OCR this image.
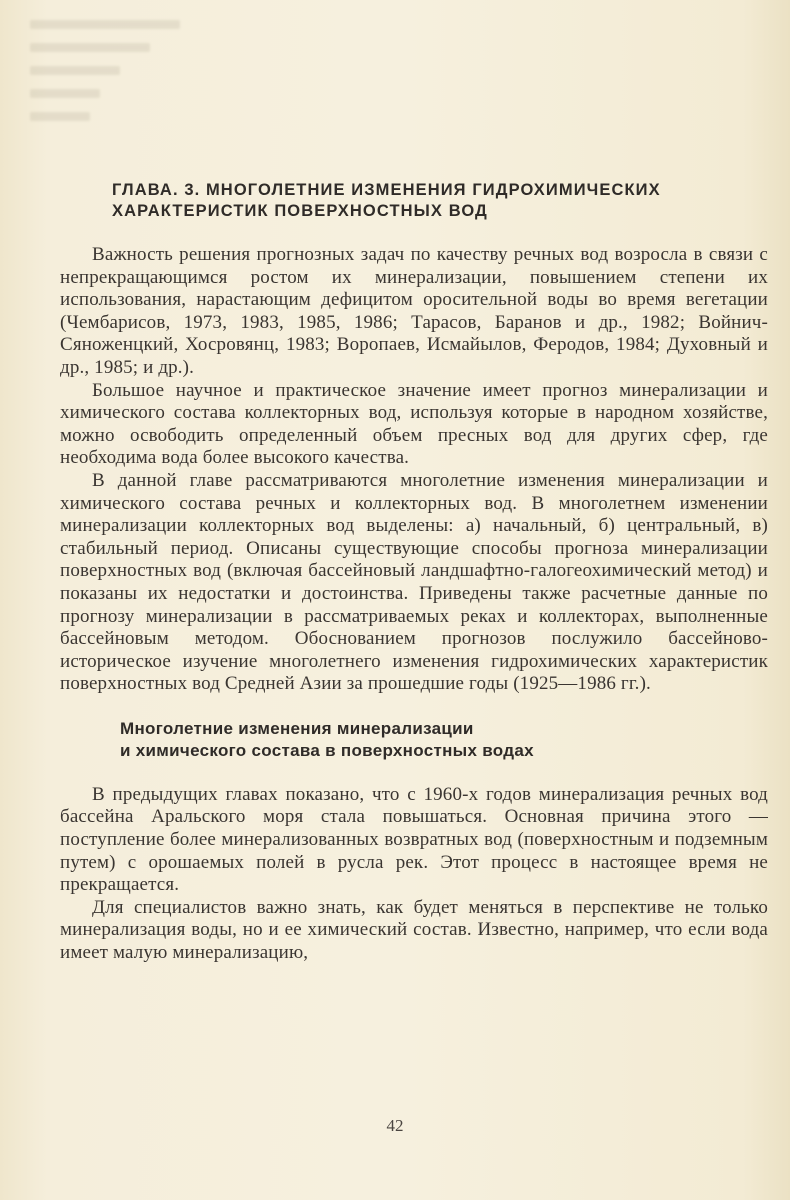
ГЛАВА. 3. МНОГОЛЕТНИЕ ИЗМЕНЕНИЯ ГИДРОХИМИЧЕСКИХ
ХАРАКТЕРИСТИК ПОВЕРХНОСТНЫХ ВОД

Важность решения прогнозных задач по качеству речных вод возросла в связи с непрекращающимся ростом их минерализации, повышением степени их использования, нарастающим дефицитом оросительной воды во время вегетации (Чембарисов, 1973, 1983, 1985, 1986; Тарасов, Баранов и др., 1982; Войнич-Сяноженцкий, Хосровянц, 1983; Воропаев, Исмайылов, Феродов, 1984; Духовный и др., 1985; и др.).

Большое научное и практическое значение имеет прогноз минерализации и химического состава коллекторных вод, используя которые в народном хозяйстве, можно освободить определенный объем пресных вод для других сфер, где необходима вода более высокого качества.

В данной главе рассматриваются многолетние изменения минерализации и химического состава речных и коллекторных вод. В многолетнем изменении минерализации коллекторных вод выделены: а) начальный, б) центральный, в) стабильный период. Описаны существующие способы прогноза минерализации поверхностных вод (включая бассейновый ландшафтно-галогеохимический метод) и показаны их недостатки и достоинства. Приведены также расчетные данные по прогнозу минерализации в рассматриваемых реках и коллекторах, выполненные бассейновым методом. Обоснованием прогнозов послужило бассейново-историческое изучение многолетнего изменения гидрохимических характеристик поверхностных вод Средней Азии за прошедшие годы (1925—1986 гг.).

Многолетние изменения минерализации
и химического состава в поверхностных водах

В предыдущих главах показано, что с 1960-х годов минерализация речных вод бассейна Аральского моря стала повышаться. Основная причина этого — поступление более минерализованных возвратных вод (поверхностным и подземным путем) с орошаемых полей в русла рек. Этот процесс в настоящее время не прекращается.

Для специалистов важно знать, как будет меняться в перспективе не только минерализация воды, но и ее химический состав. Известно, например, что если вода имеет малую минерализацию,

42
